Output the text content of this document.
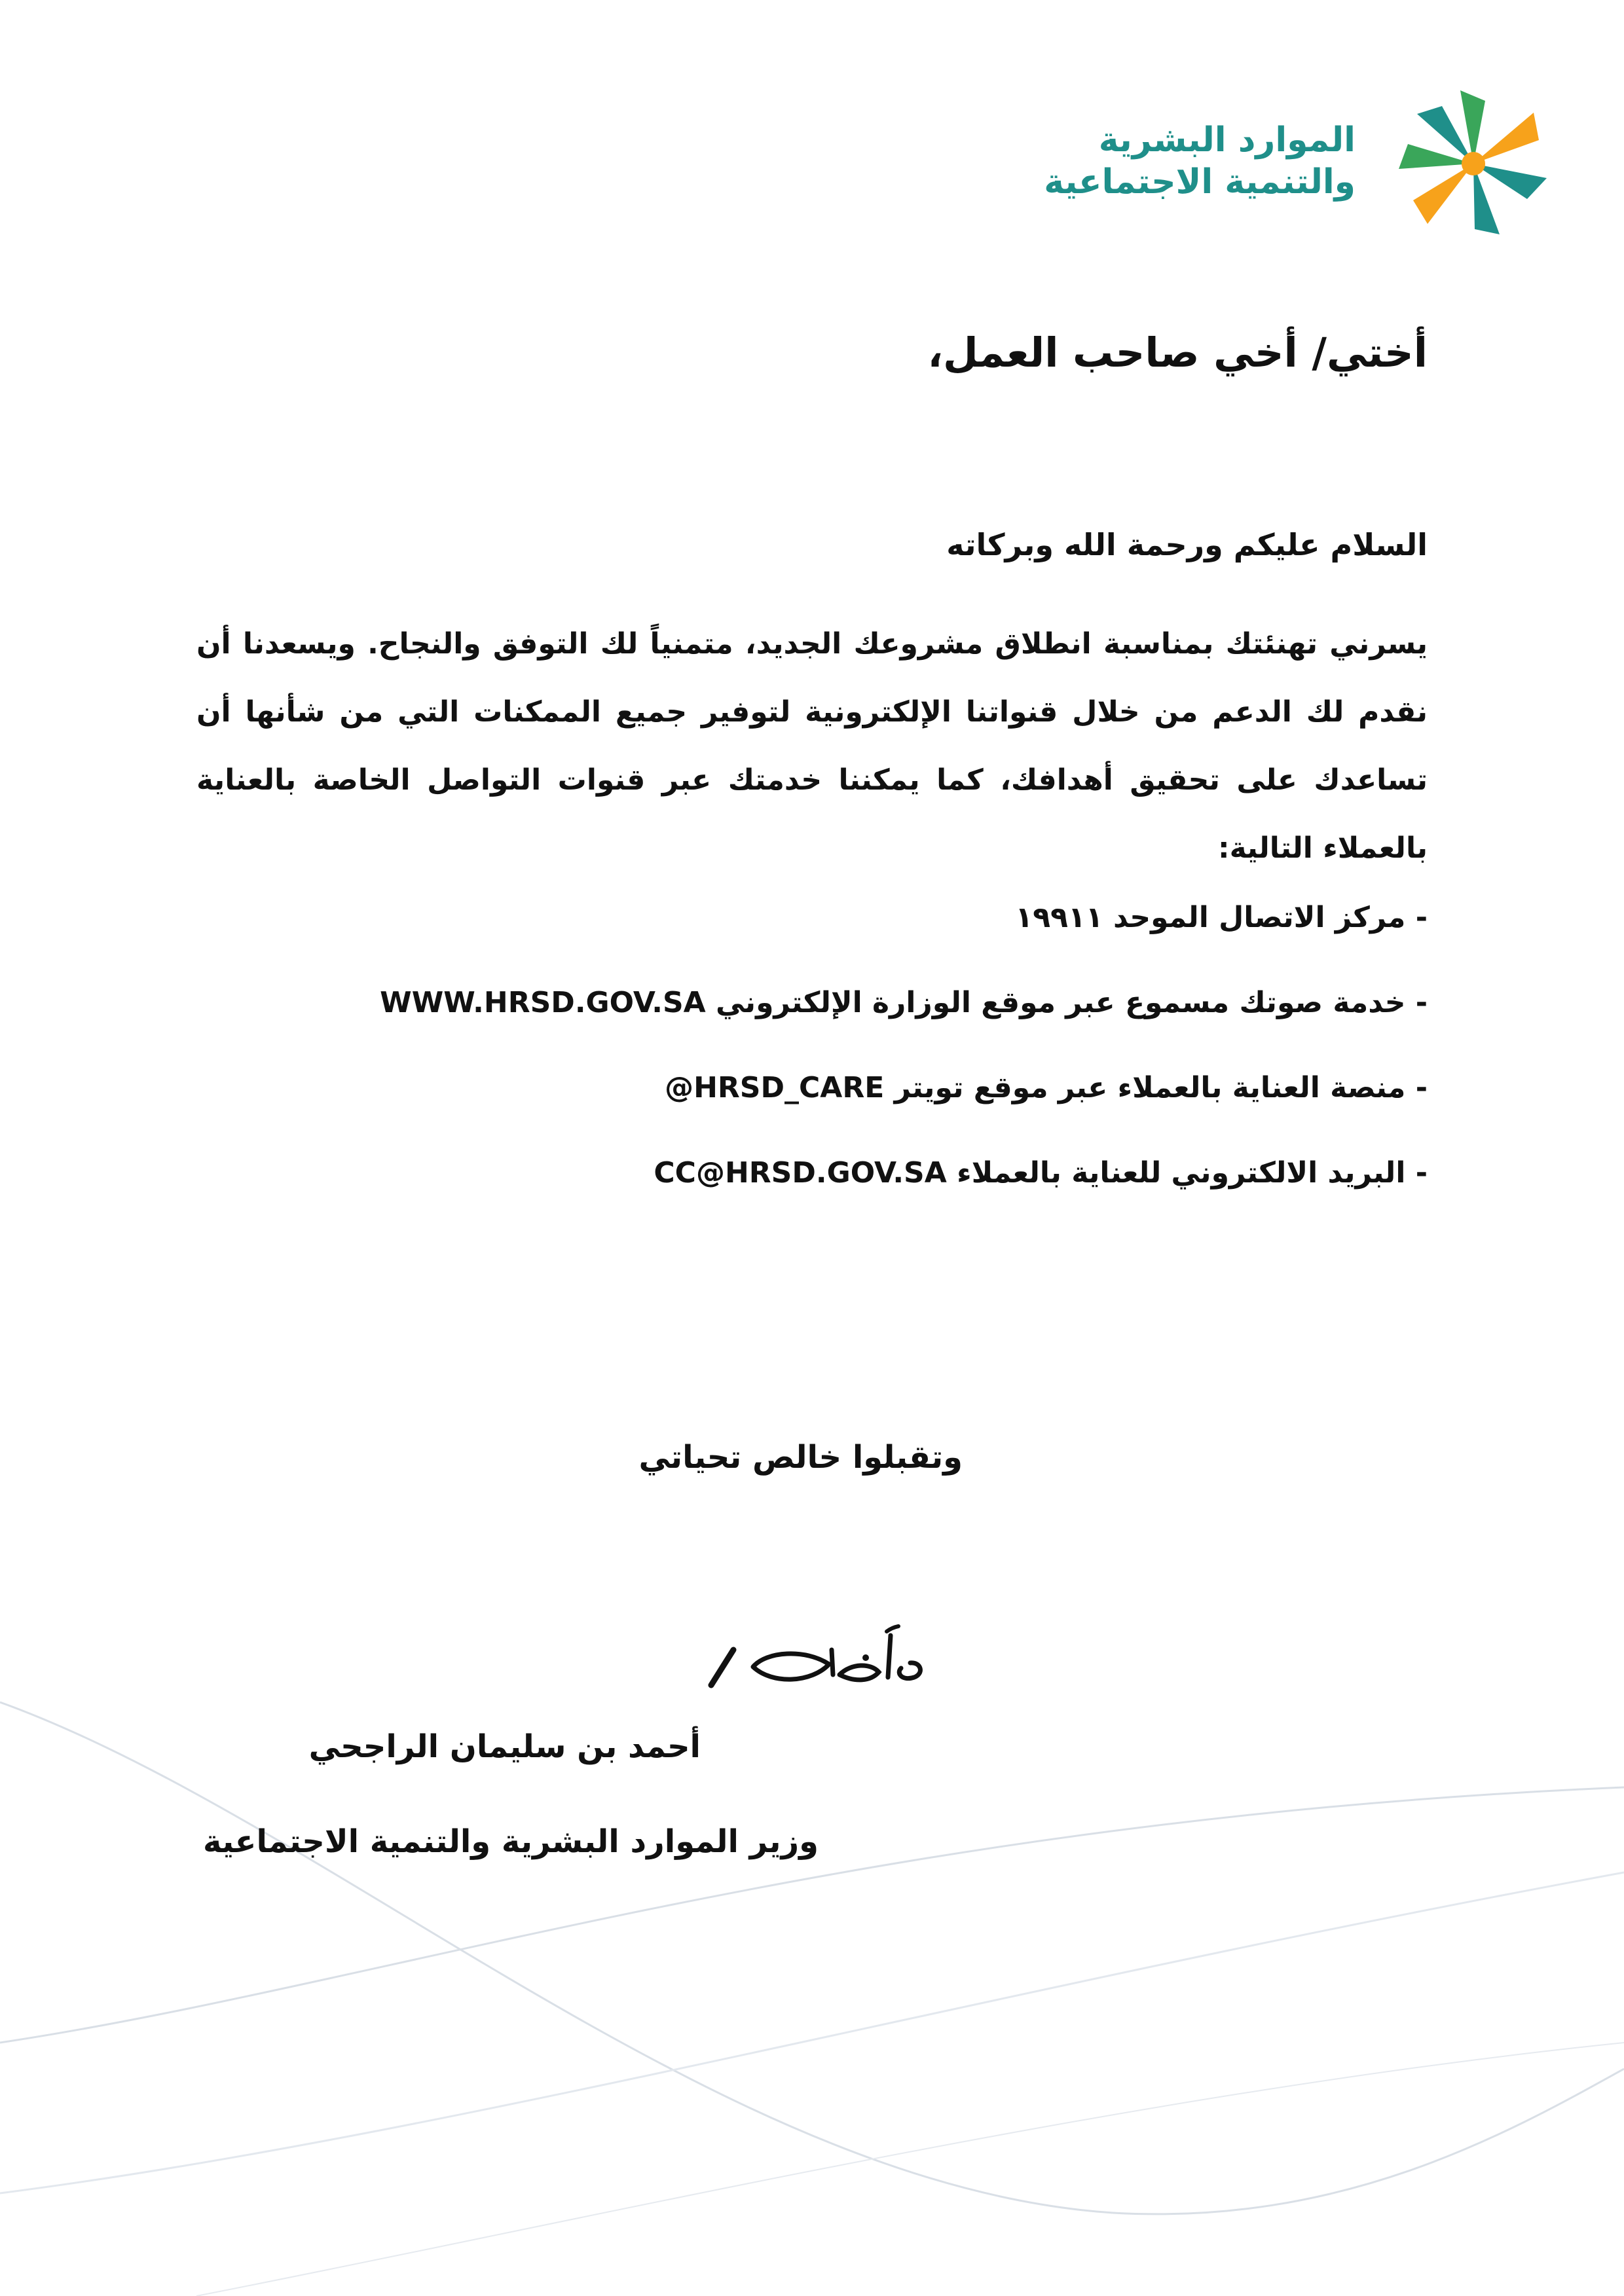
الموارد البشرية
والتنمية الاجتماعية
أختي/ أخي صاحب العمل،
السلام عليكم ورحمة الله وبركاته
يسرني تهنئتك بمناسبة انطلاق مشروعك الجديد، متمنياً لك التوفق والنجاح. ويسعدنا أن نقدم لك الدعم من خلال قنواتنا الإلكترونية لتوفير جميع الممكنات التي من شأنها أن تساعدك على تحقيق أهدافك، كما يمكننا خدمتك عبر قنوات التواصل الخاصة بالعناية بالعملاء التالية:
- مركز الاتصال الموحد ١٩٩١١
- خدمة صوتك مسموع عبر موقع الوزارة الإلكتروني WWW.HRSD.GOV.SA
- منصة العناية بالعملاء عبر موقع تويتر HRSD_CARE@
- البريد الالكتروني للعناية بالعملاء CC@HRSD.GOV.SA
وتقبلوا خالص تحياتي
أحمد بن سليمان الراجحي
وزير الموارد البشرية والتنمية الاجتماعية
